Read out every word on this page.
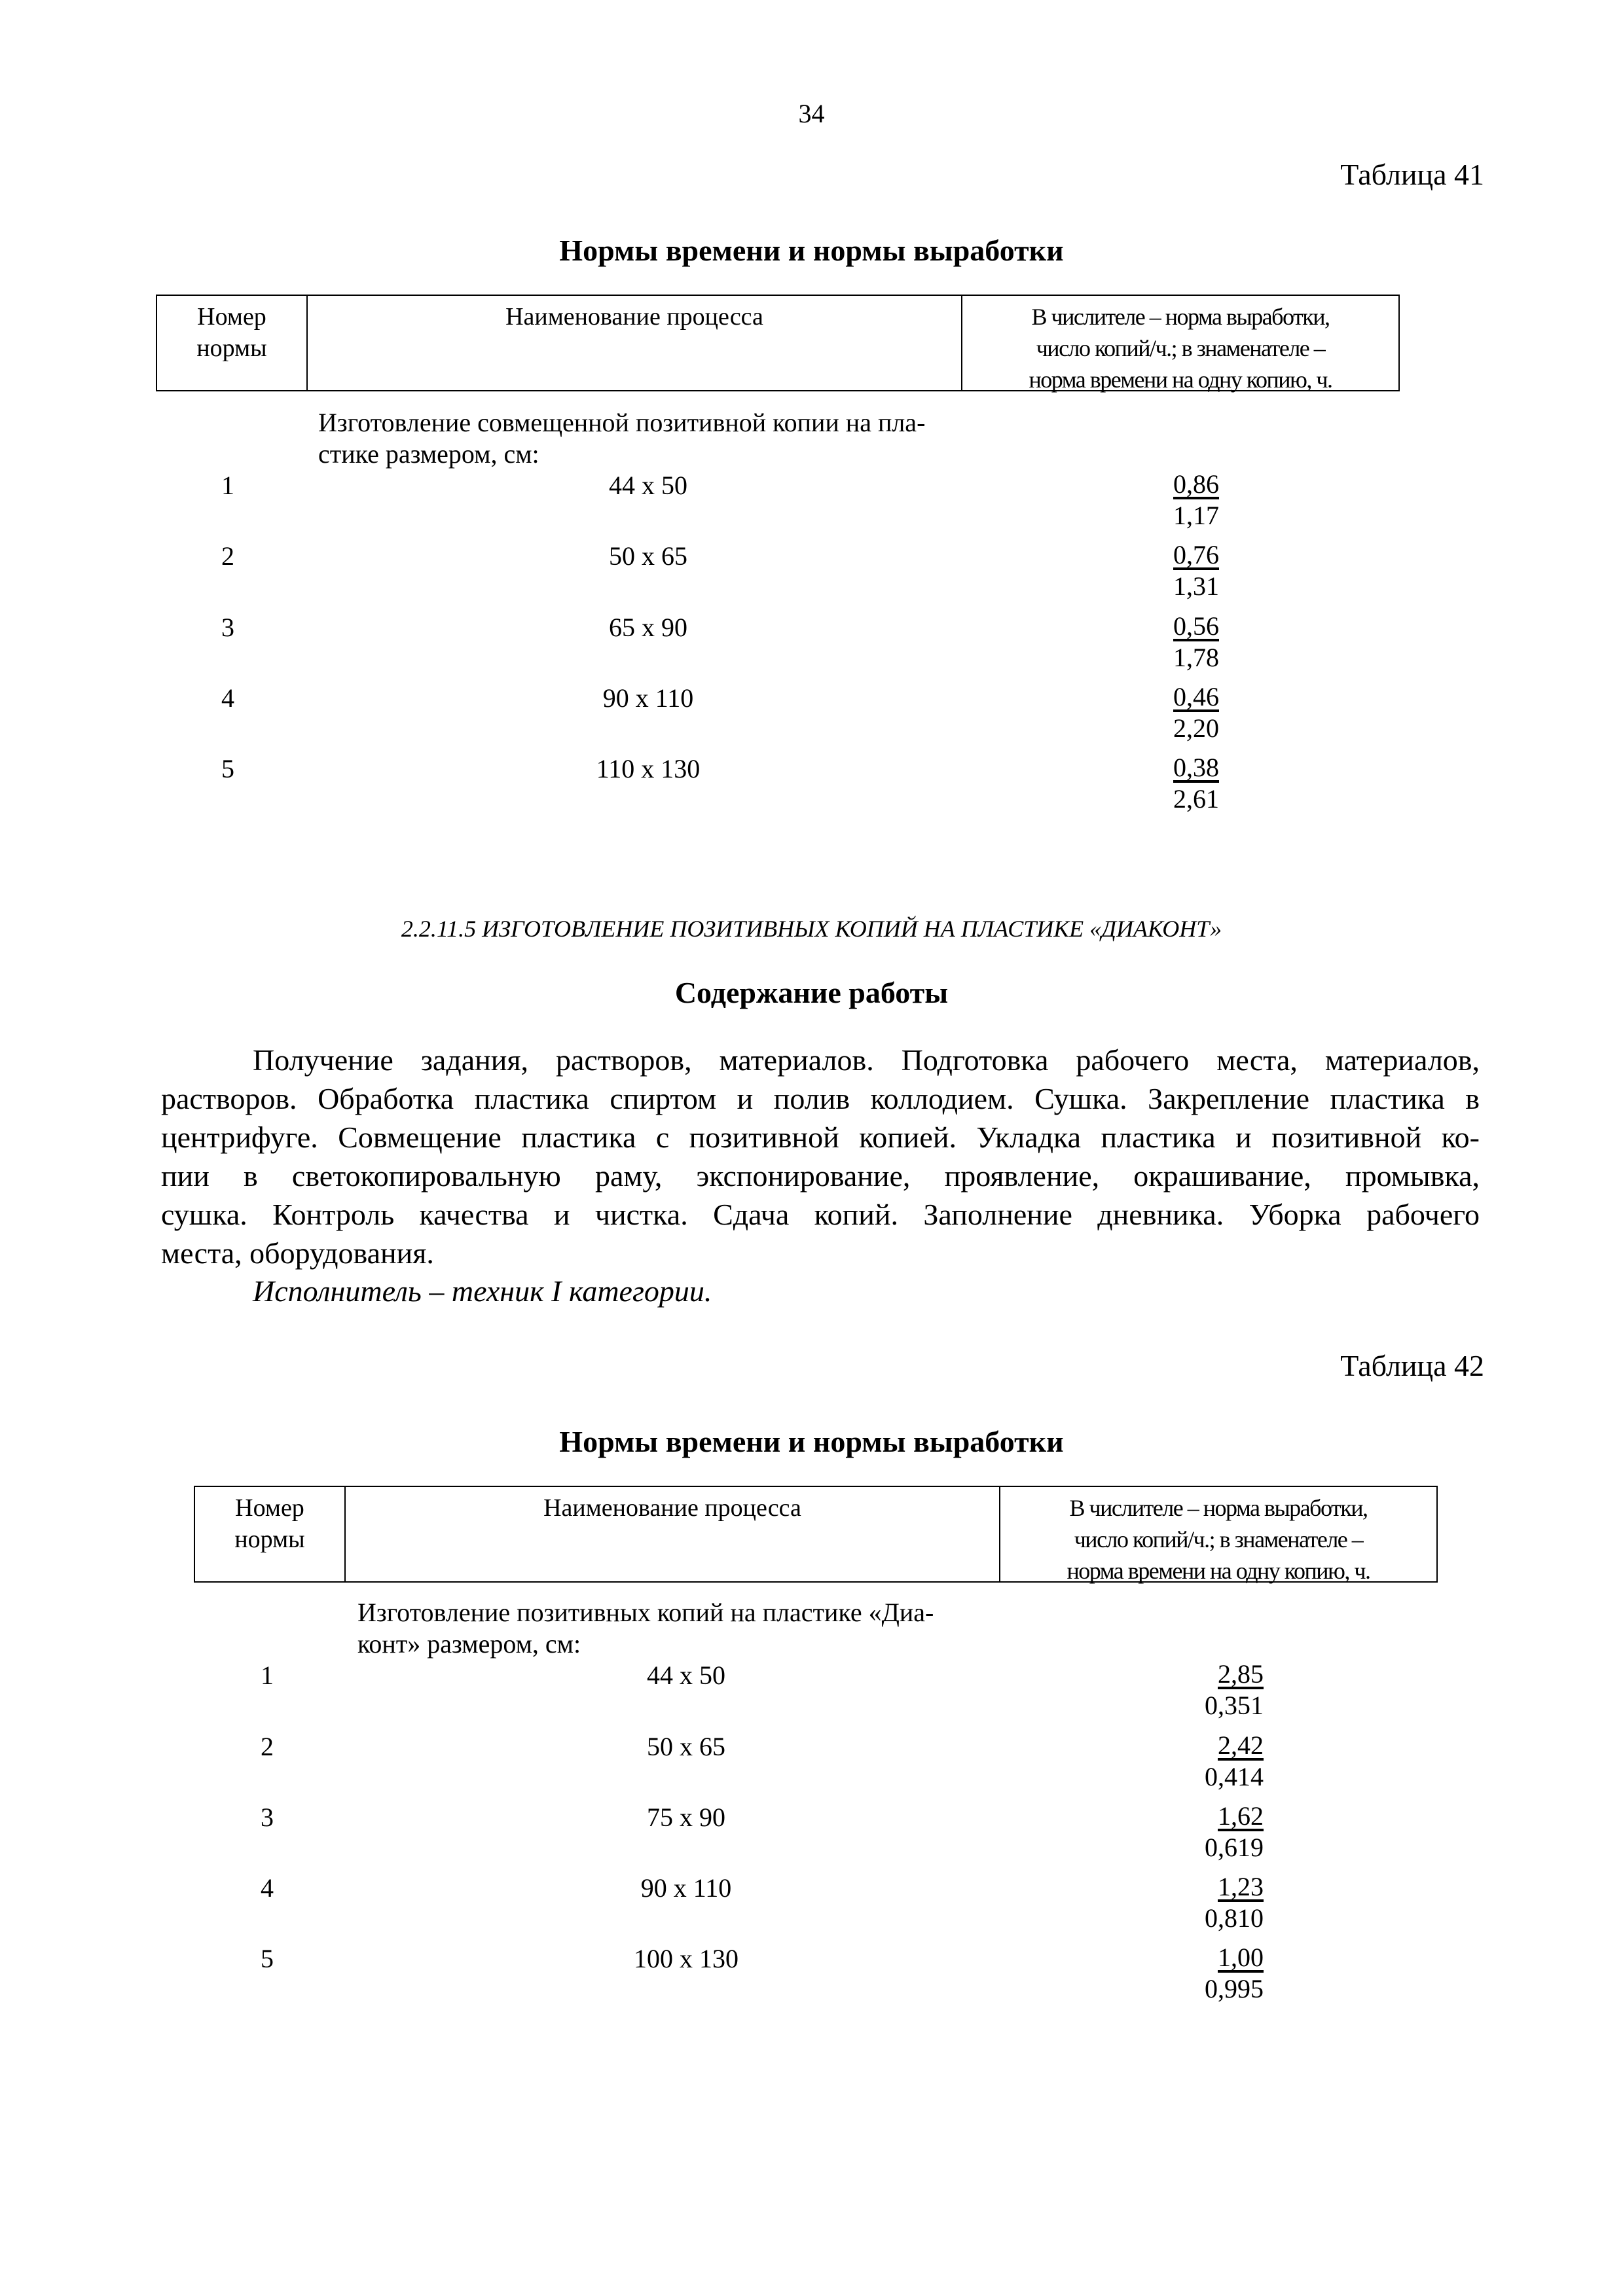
34
Таблица 41
Нормы времени и нормы выработки
Номер
нормы
Наименование процесса	В числителе – норма выработки,
число копий/ч.; в знаменателе –
норма времени на одну копию, ч.
Изготовление совмещенной позитивной копии на пла-
стике размером, см:
1	44 х 50	$\frac{0,86}{1,17}$
2	50 х 65	$\frac{0,76}{1,31}$
3	65 х 90	$\frac{0,56}{1,78}$
4	90 х 110	$\frac{0,46}{2,20}$
5	110 х 130	$\frac{0,38}{2,61}$
2.2.11.5 ИЗГОТОВЛЕНИЕ ПОЗИТИВНЫХ КОПИЙ НА ПЛАСТИКЕ «ДИАКОНТ»
Содержание работы
Получение задания, растворов, материалов. Подготовка рабочего места, материалов,
растворов. Обработка пластика спиртом и полив коллодием. Сушка. Закрепление пластика в
центрифуге. Совмещение пластика с позитивной копией. Укладка пластика и позитивной ко-
пии в светокопировальную раму, экспонирование, проявление, окрашивание, промывка,
сушка. Контроль качества и чистка. Сдача копий. Заполнение дневника. Уборка рабочего
места, оборудования.
Исполнитель – техник I категории.
Таблица 42
Нормы времени и нормы выработки
Номер
нормы
Наименование процесса	В числителе – норма выработки,
число копий/ч.; в знаменателе –
норма времени на одну копию, ч.
Изготовление позитивных копий на пластике «Диа-
конт» размером, см:
1	44 х 50	$\frac{2,85}{0,351}$
2	50 х 65	$\frac{2,42}{0,414}$
3	75 х 90	$\frac{1,62}{0,619}$
4	90 х 110	$\frac{1,23}{0,810}$
5	100 х 130	$\frac{1,00}{0,995}$
